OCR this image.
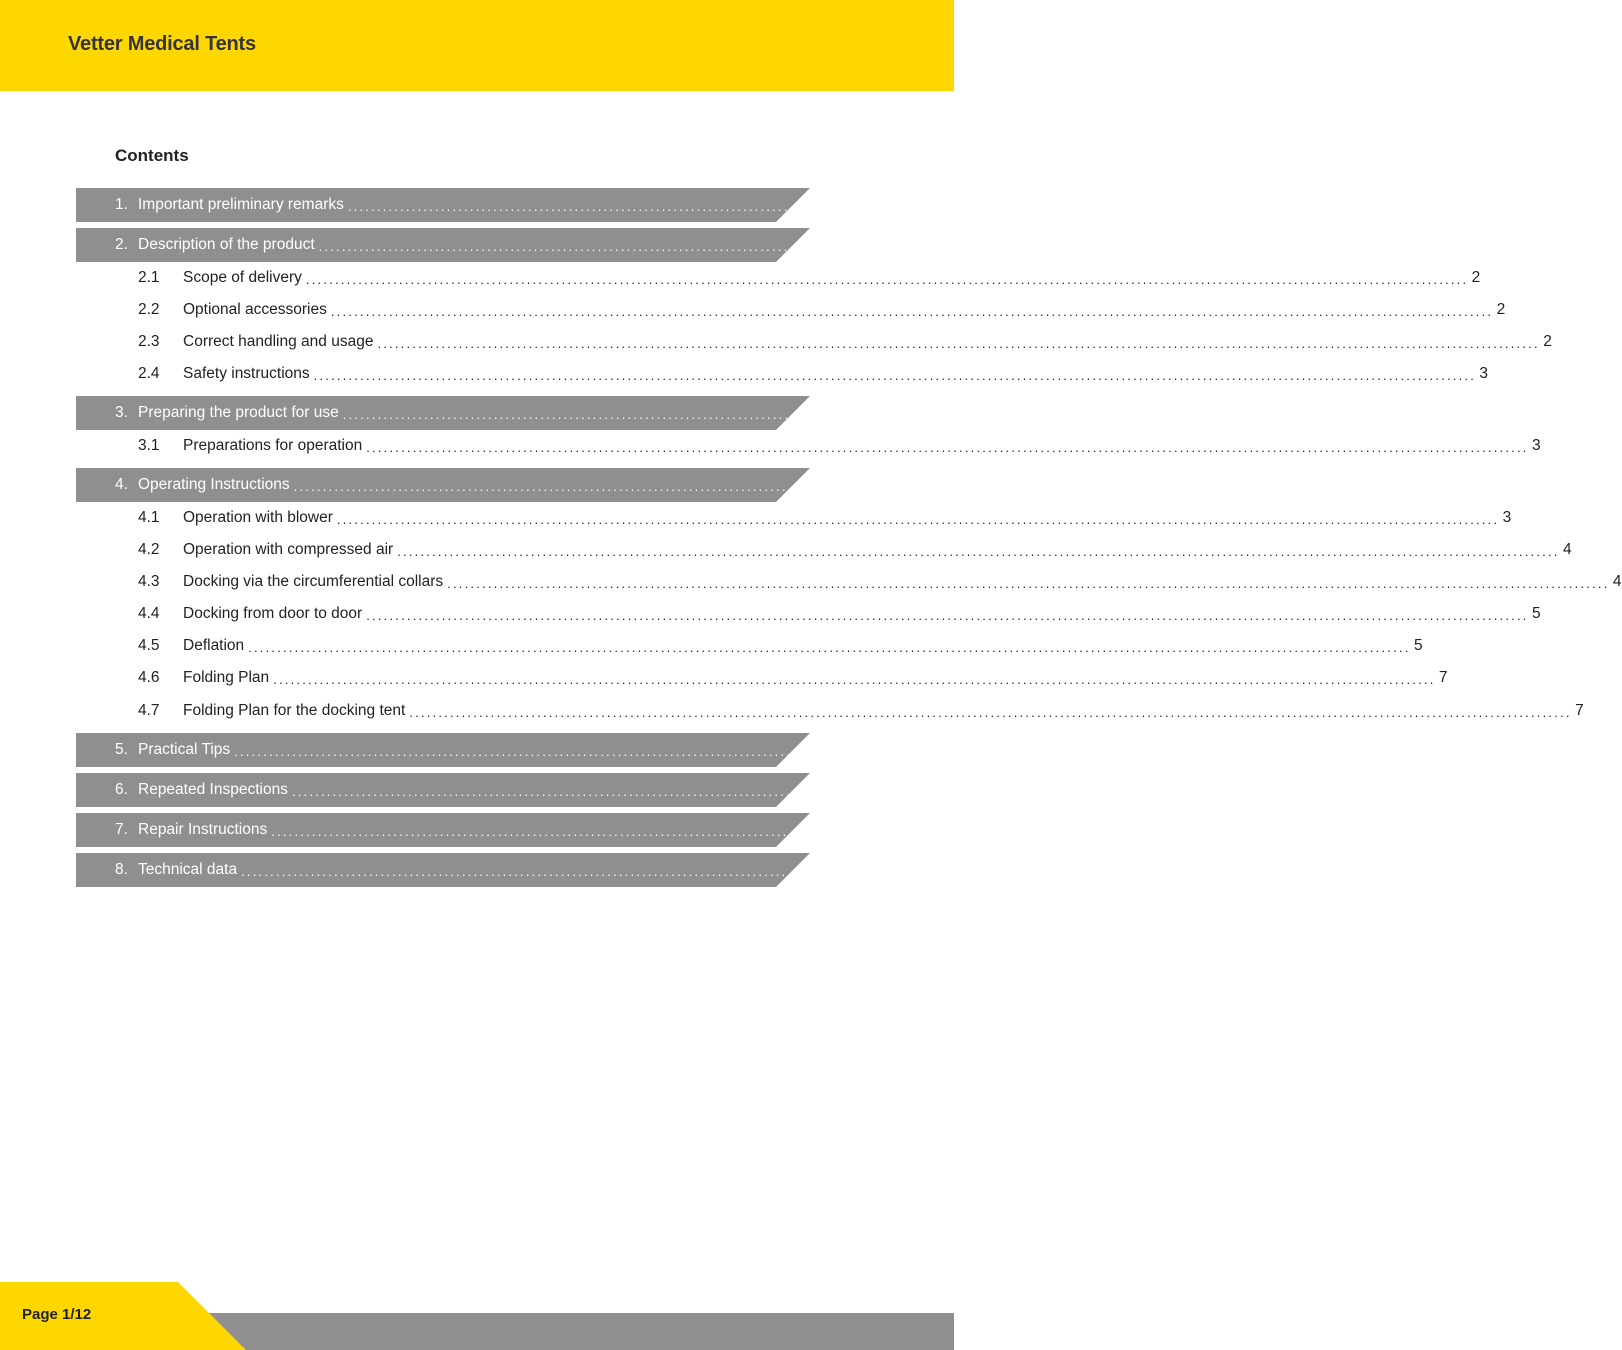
Vetter Medical Tents
Contents
1. Important preliminary remarks ........................................................................................................................................................................................................ 2
2. Description of the product ........................................................................................................................................................................................................ 2
2.1	Scope of delivery ........................................................................................................................................................................................................ 2
2.2	Optional accessories ........................................................................................................................................................................................................ 2
2.3	Correct handling and usage ........................................................................................................................................................................................................ 2
2.4	Safety instructions ........................................................................................................................................................................................................ 3
3. Preparing the product for use ........................................................................................................................................................................................................ 3
3.1	Preparations for operation ........................................................................................................................................................................................................ 3
4. Operating Instructions ........................................................................................................................................................................................................ 3
4.1	Operation with blower ........................................................................................................................................................................................................ 3
4.2	Operation with compressed air ........................................................................................................................................................................................................ 4
4.3	Docking via the circumferential collars ........................................................................................................................................................................................................ 4
4.4	Docking from door to door ........................................................................................................................................................................................................ 5
4.5	Deflation ........................................................................................................................................................................................................ 5
4.6	Folding Plan ........................................................................................................................................................................................................ 7
4.7	Folding Plan for the docking tent ........................................................................................................................................................................................................ 7
5. Practical Tips ........................................................................................................................................................................................................ 9
6. Repeated Inspections ........................................................................................................................................................................................................ 9
7. Repair Instructions ........................................................................................................................................................................................................ 10
8. Technical data ........................................................................................................................................................................................................ 10
Page 1/12
